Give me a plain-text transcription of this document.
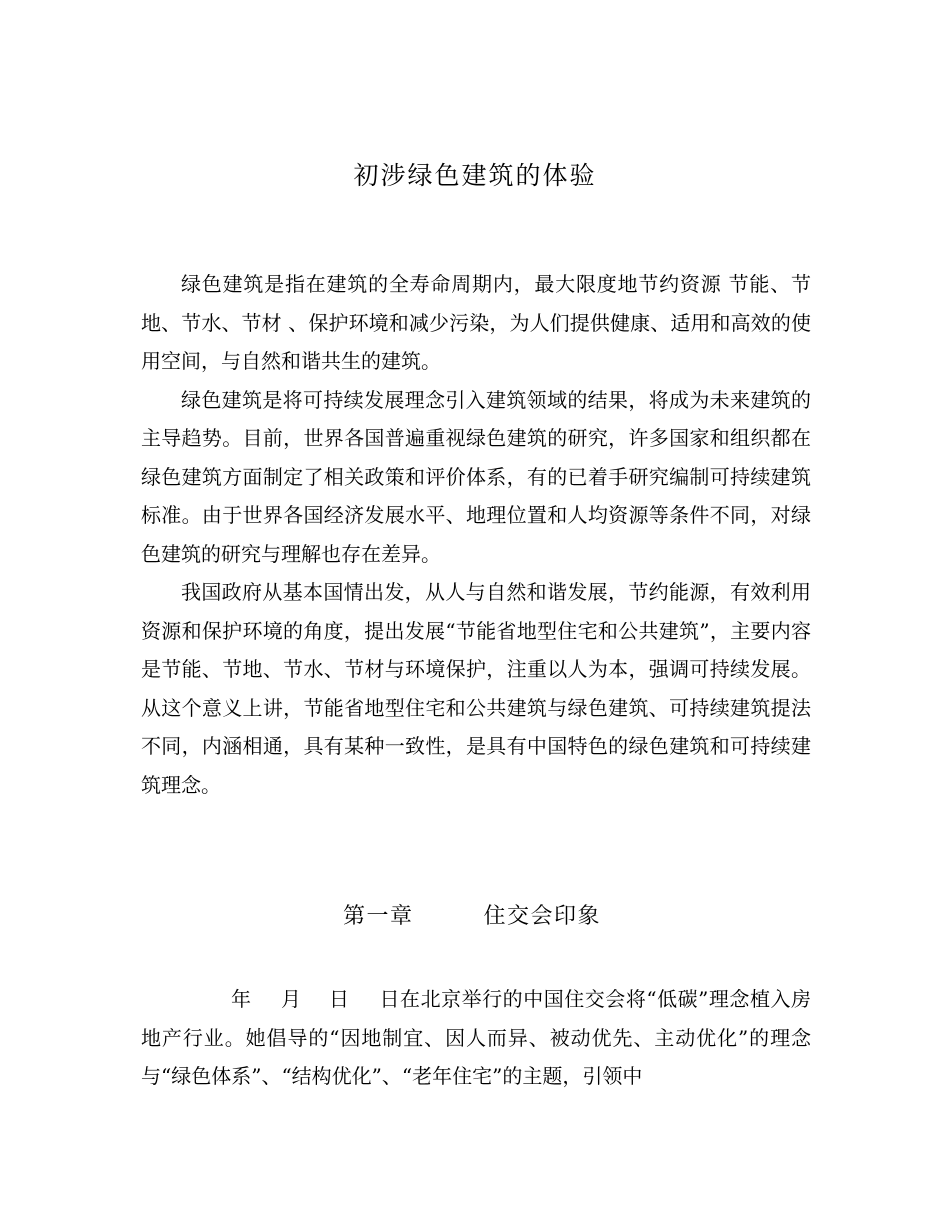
初涉绿色建筑的体验

绿色建筑是指在建筑的全寿命周期内，最大限度地节约资源 节能、节地、节水、节材 、保护环境和减少污染，为人们提供健康、适用和高效的使用空间，与自然和谐共生的建筑。

绿色建筑是将可持续发展理念引入建筑领域的结果，将成为未来建筑的主导趋势。目前，世界各国普遍重视绿色建筑的研究，许多国家和组织都在绿色建筑方面制定了相关政策和评价体系，有的已着手研究编制可持续建筑标准。由于世界各国经济发展水平、地理位置和人均资源等条件不同，对绿色建筑的研究与理解也存在差异。

我国政府从基本国情出发，从人与自然和谐发展，节约能源，有效利用资源和保护环境的角度，提出发展“节能省地型住宅和公共建筑”，主要内容是节能、节地、节水、节材与环境保护，注重以人为本，强调可持续发展。从这个意义上讲，节能省地型住宅和公共建筑与绿色建筑、可持续建筑提法不同，内涵相通，具有某种一致性，是具有中国特色的绿色建筑和可持续建筑理念。

第一章	住交会印象

年 月 日 日在北京举行的中国住交会将“低碳”理念植入房地产行业。她倡导的“因地制宜、因人而异、被动优先、主动优化”的理念与“绿色体系”、“结构优化”、“老年住宅”的主题，引领中
